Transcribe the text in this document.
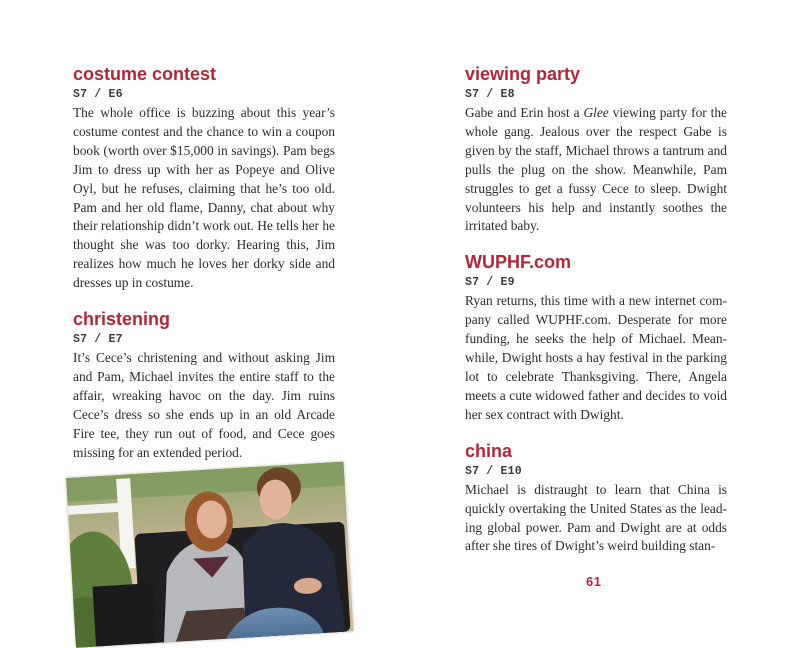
costume contest
S7 / E6

The whole office is buzzing about this year’s costume contest and the chance to win a coupon book (worth over $15,000 in savings). Pam begs Jim to dress up with her as Popeye and Olive Oyl, but he refuses, claiming that he’s too old. Pam and her old flame, Danny, chat about why their relationship didn’t work out. He tells her he thought she was too dorky. Hearing this, Jim realizes how much he loves her dorky side and dresses up in costume.

christening
S7 / E7

It’s Cece’s christening and without asking Jim and Pam, Michael invites the entire staff to the affair, wreaking havoc on the day. Jim ruins Cece’s dress so she ends up in an old Arcade Fire tee, they run out of food, and Cece goes missing for an extended period.

viewing party
S7 / E8

Gabe and Erin host a Glee viewing party for the whole gang. Jealous over the respect Gabe is given by the staff, Michael throws a tantrum and pulls the plug on the show. Meanwhile, Pam struggles to get a fussy Cece to sleep. Dwight volunteers his help and instantly soothes the irritated baby.

WUPHF.com
S7 / E9

Ryan returns, this time with a new internet company called WUPHF.com. Desperate for more funding, he seeks the help of Michael. Meanwhile, Dwight hosts a hay festival in the parking lot to celebrate Thanksgiving. There, Angela meets a cute widowed father and decides to void her sex contract with Dwight.

china
S7 / E10

Michael is distraught to learn that China is quickly overtaking the United States as the leading global power. Pam and Dwight are at odds after she tires of Dwight’s weird building stan-

61
